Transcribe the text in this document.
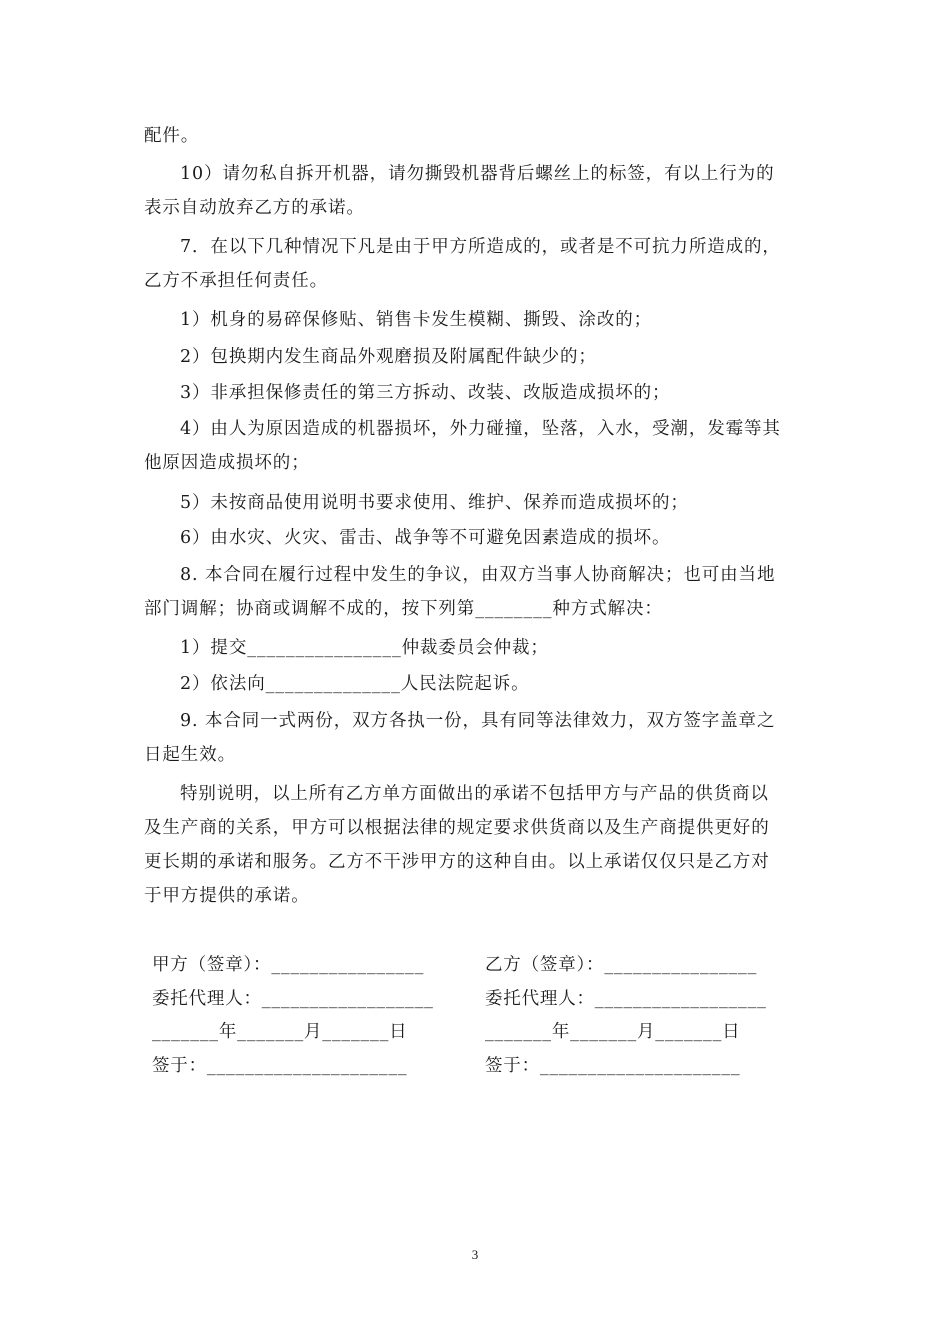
配件。

10）请勿私自拆开机器，请勿撕毁机器背后螺丝上的标签，有以上行为的
表示自动放弃乙方的承诺。

7．在以下几种情况下凡是由于甲方所造成的，或者是不可抗力所造成的，
乙方不承担任何责任。

1）机身的易碎保修贴、销售卡发生模糊、撕毁、涂改的；

2）包换期内发生商品外观磨损及附属配件缺少的；

3）非承担保修责任的第三方拆动、改装、改版造成损坏的；

4）由人为原因造成的机器损坏，外力碰撞，坠落，入水，受潮，发霉等其
他原因造成损坏的；

5）未按商品使用说明书要求使用、维护、保养而造成损坏的；

6）由水灾、火灾、雷击、战争等不可避免因素造成的损坏。

8. 本合同在履行过程中发生的争议，由双方当事人协商解决；也可由当地
部门调解；协商或调解不成的，按下列第________种方式解决：

1）提交________________仲裁委员会仲裁；

2）依法向______________人民法院起诉。

9. 本合同一式两份，双方各执一份，具有同等法律效力，双方签字盖章之
日起生效。

特别说明，以上所有乙方单方面做出的承诺不包括甲方与产品的供货商以
及生产商的关系，甲方可以根据法律的规定要求供货商以及生产商提供更好的
更长期的承诺和服务。乙方不干涉甲方的这种自由。以上承诺仅仅只是乙方对
于甲方提供的承诺。

甲方（签章）：________________
委托代理人：__________________
_______年_______月_______日
签于：_____________________
乙方（签章）：________________
委托代理人：__________________
_______年_______月_______日
签于：_____________________
3
